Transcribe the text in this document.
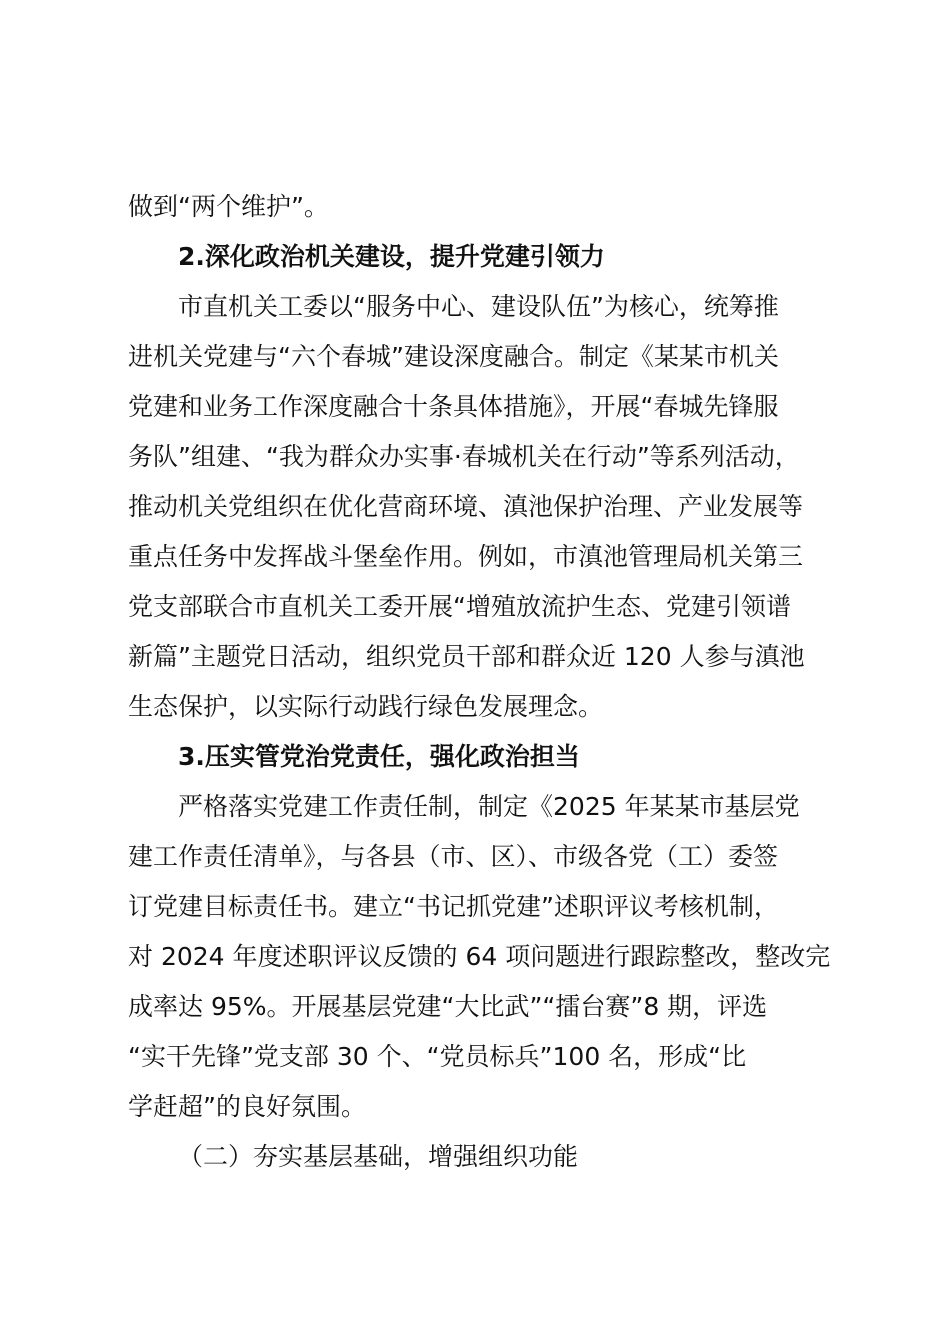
做到“两个维护”。
2.深化政治机关建设，提升党建引领力
市直机关工委以“服务中心、建设队伍”为核心，统筹推
进机关党建与“六个春城”建设深度融合。制定《某某市机关
党建和业务工作深度融合十条具体措施》，开展“春城先锋服
务队”组建、“我为群众办实事·春城机关在行动”等系列活动，
推动机关党组织在优化营商环境、滇池保护治理、产业发展等
重点任务中发挥战斗堡垒作用。例如，市滇池管理局机关第三
党支部联合市直机关工委开展“增殖放流护生态、党建引领谱
新篇”主题党日活动，组织党员干部和群众近 120 人参与滇池
生态保护，以实际行动践行绿色发展理念。
3.压实管党治党责任，强化政治担当
严格落实党建工作责任制，制定《2025 年某某市基层党
建工作责任清单》，与各县（市、区）、市级各党（工）委签
订党建目标责任书。建立“书记抓党建”述职评议考核机制，
对 2024 年度述职评议反馈的 64 项问题进行跟踪整改，整改完
成率达 95%。开展基层党建“大比武”“擂台赛”8 期，评选
“实干先锋”党支部 30 个、“党员标兵”100 名，形成“比
学赶超”的良好氛围。
（二）夯实基层基础，增强组织功能
